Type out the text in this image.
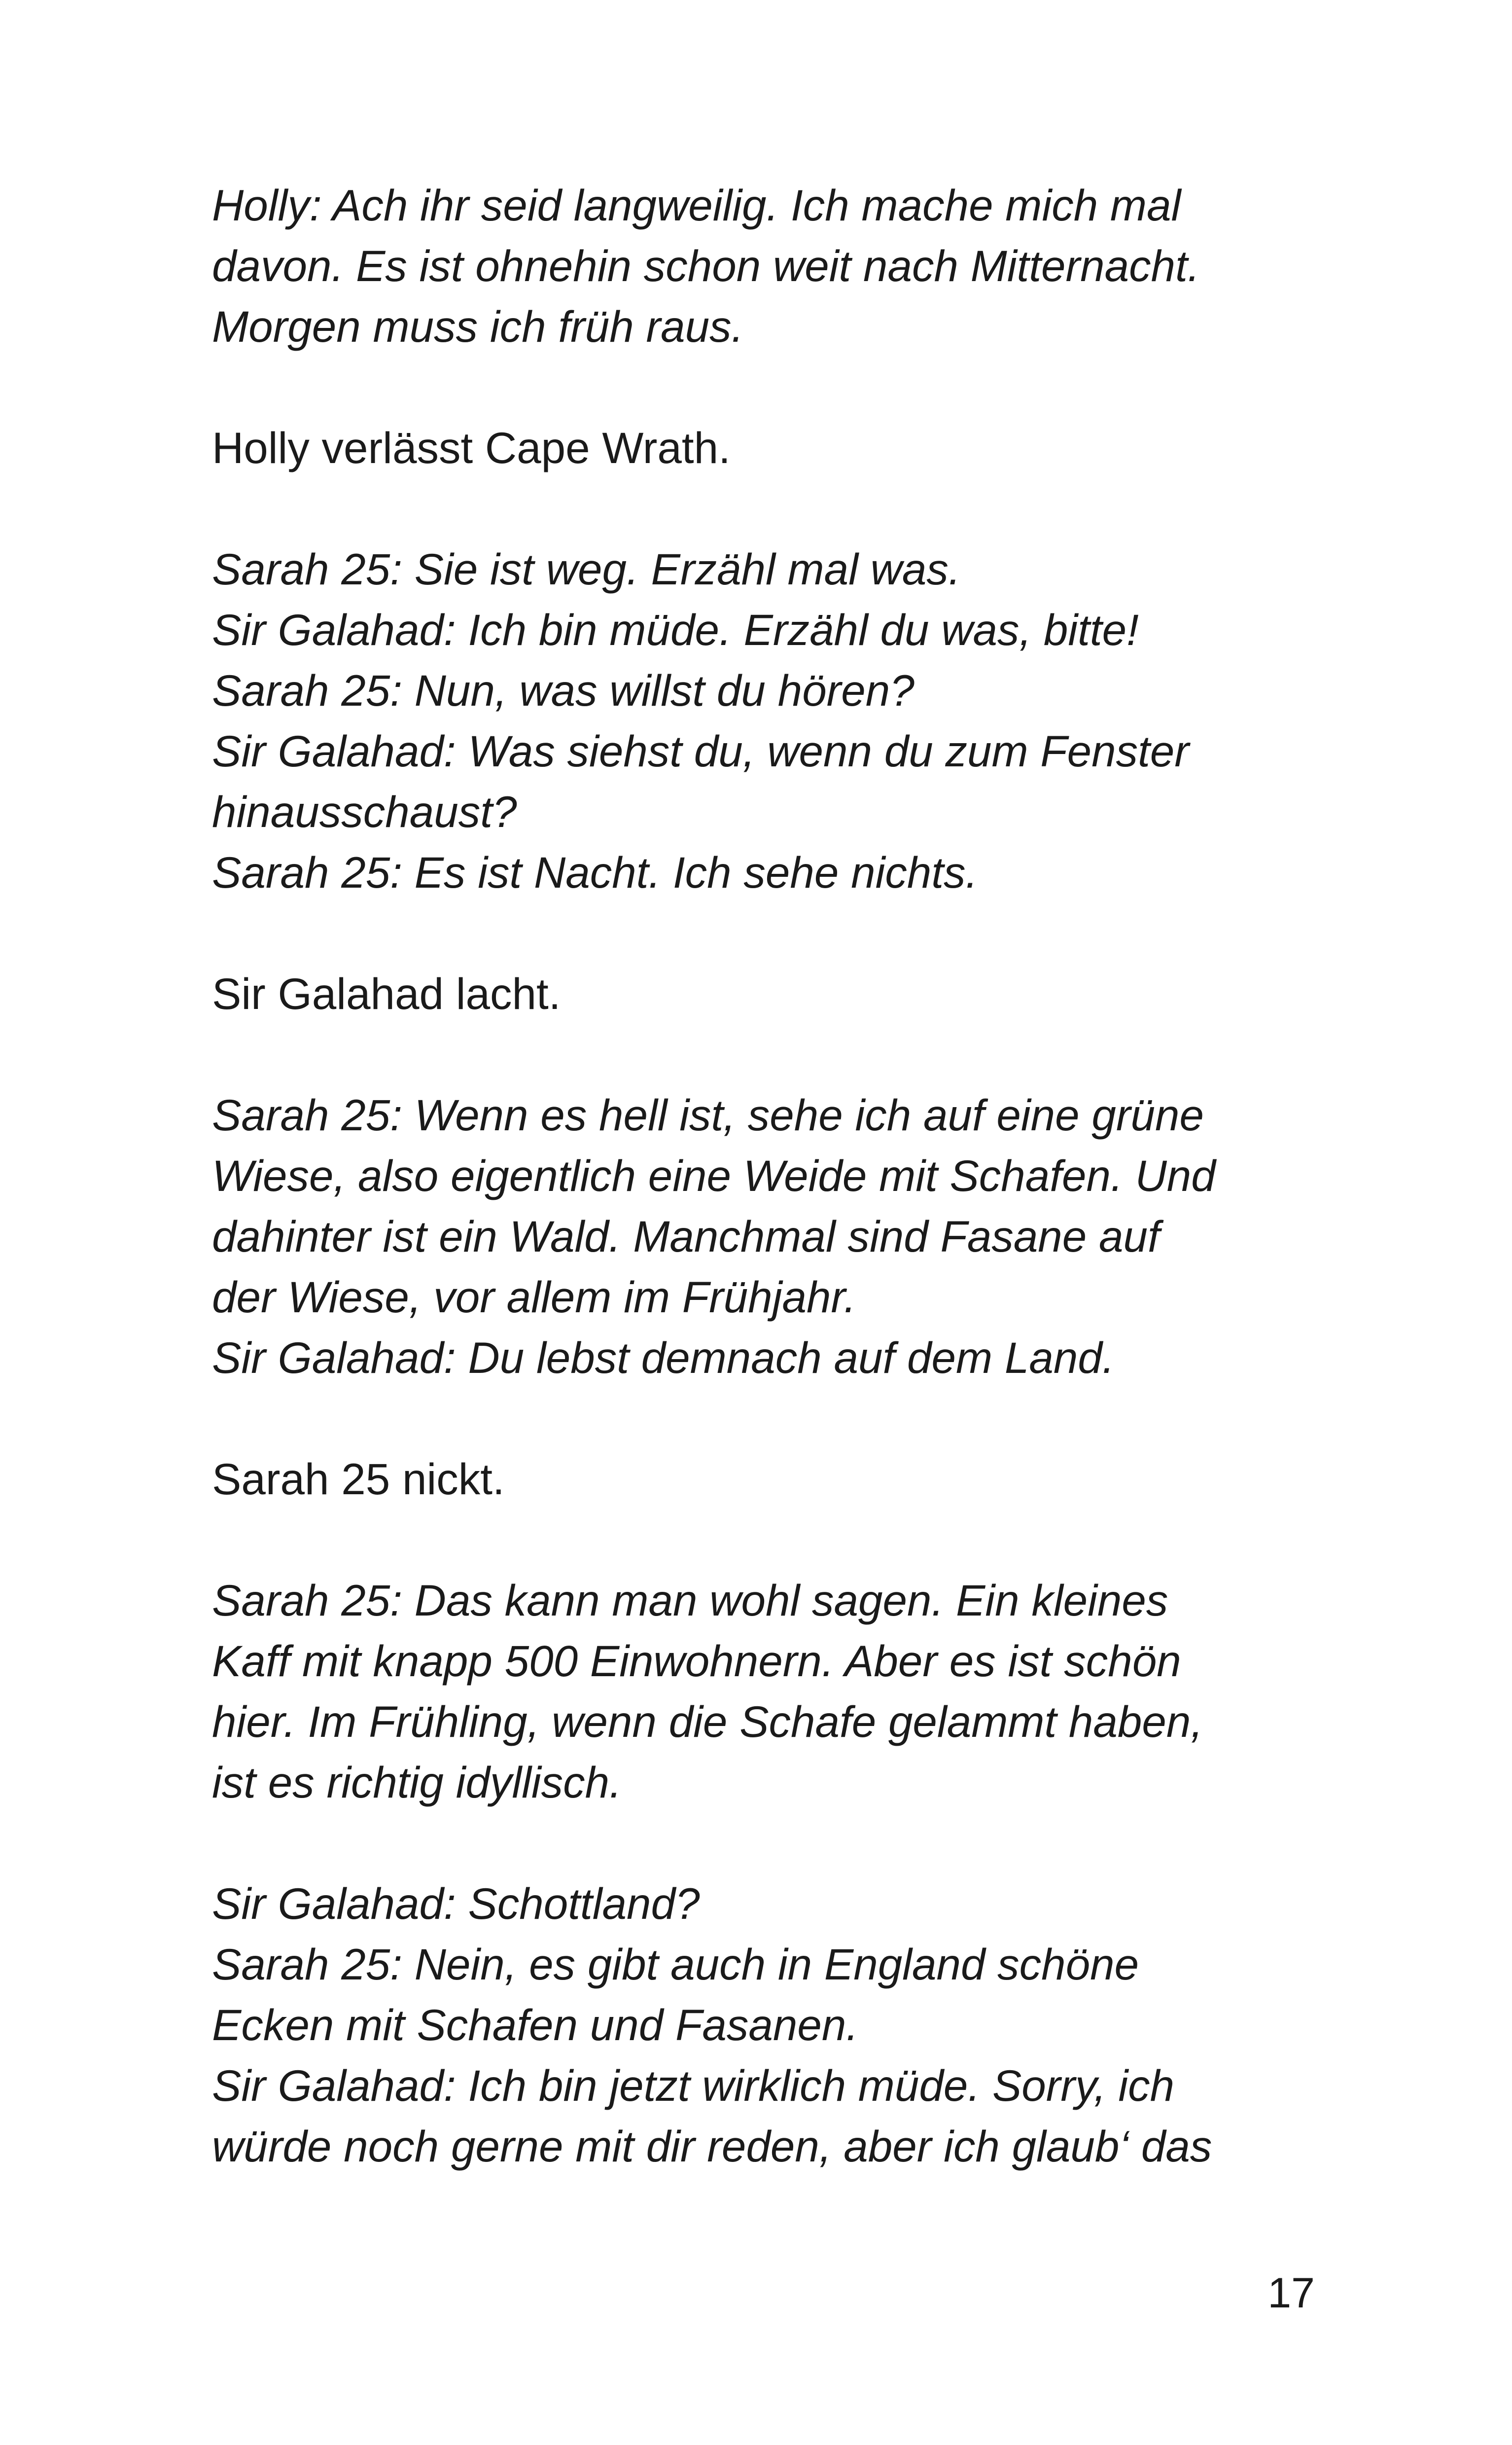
Holly: Ach ihr seid langweilig. Ich mache mich mal
davon. Es ist ohnehin schon weit nach Mitternacht.
Morgen muss ich früh raus.
Holly verlässt Cape Wrath.
Sarah 25: Sie ist weg. Erzähl mal was.
Sir Galahad: Ich bin müde. Erzähl du was, bitte!
Sarah 25: Nun, was willst du hören?
Sir Galahad: Was siehst du, wenn du zum Fenster
hinausschaust?
Sarah 25: Es ist Nacht. Ich sehe nichts.
Sir Galahad lacht.
Sarah 25: Wenn es hell ist, sehe ich auf eine grüne
Wiese, also eigentlich eine Weide mit Schafen. Und
dahinter ist ein Wald. Manchmal sind Fasane auf
der Wiese, vor allem im Frühjahr.
Sir Galahad: Du lebst demnach auf dem Land.
Sarah 25 nickt.
Sarah 25: Das kann man wohl sagen. Ein kleines
Kaff mit knapp 500 Einwohnern. Aber es ist schön
hier. Im Frühling, wenn die Schafe gelammt haben,
ist es richtig idyllisch.
Sir Galahad: Schottland?
Sarah 25: Nein, es gibt auch in England schöne
Ecken mit Schafen und Fasanen.
Sir Galahad: Ich bin jetzt wirklich müde. Sorry, ich
würde noch gerne mit dir reden, aber ich glaub‘ das
17
